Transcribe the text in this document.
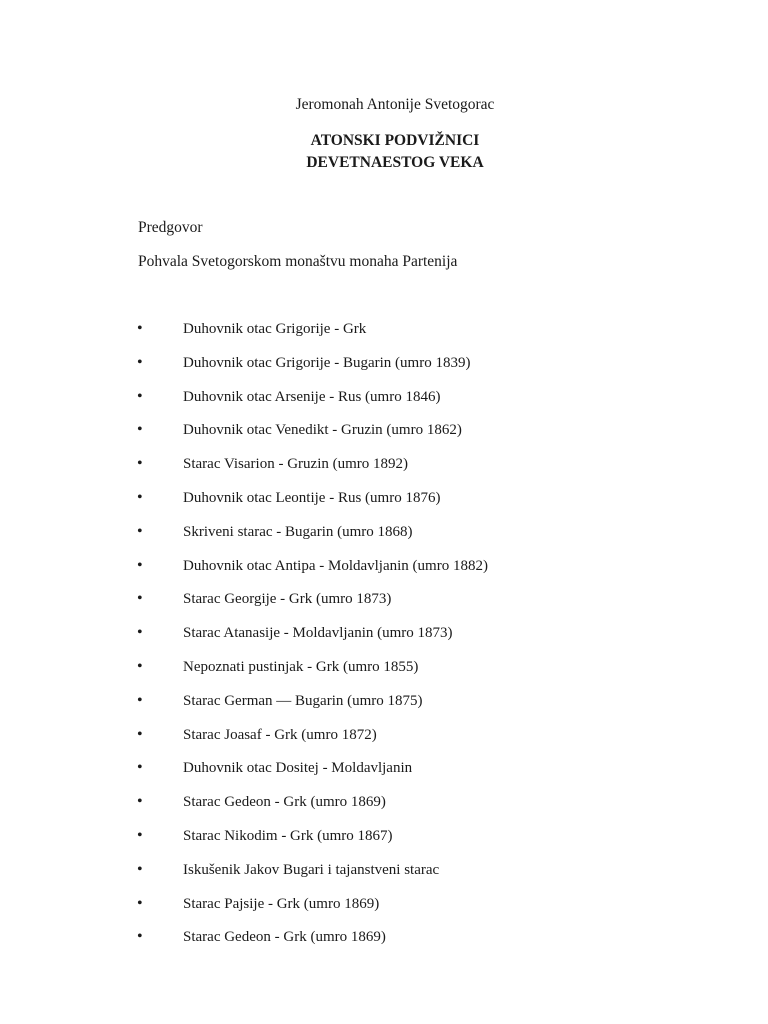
Jeromonah Antonije Svetogorac
ATONSKI PODVIŽNICI
DEVETNAESTOG VEKA
Predgovor
Pohvala Svetogorskom monaštvu monaha Partenija
•	Duhovnik otac Grigorije - Grk
•	Duhovnik otac Grigorije - Bugarin (umro 1839)
•	Duhovnik otac Arsenije - Rus (umro 1846)
•	Duhovnik otac Venedikt - Gruzin (umro 1862)
•	Starac Visarion - Gruzin (umro 1892)
•	Duhovnik otac Leontije - Rus (umro 1876)
•	Skriveni starac - Bugarin (umro 1868)
•	Duhovnik otac Antipa - Moldavljanin (umro 1882)
•	Starac Georgije - Grk (umro 1873)
•	Starac Atanasije - Moldavljanin (umro 1873)
•	Nepoznati pustinjak - Grk (umro 1855)
•	Starac German — Bugarin (umro 1875)
•	Starac Joasaf - Grk (umro 1872)
•	Duhovnik otac Dositej - Moldavljanin
•	Starac Gedeon - Grk (umro 1869)
•	Starac Nikodim - Grk (umro 1867)
•	Iskušenik Jakov Bugari i tajanstveni starac
•	Starac Pajsije - Grk (umro 1869)
•	Starac Gedeon - Grk (umro 1869)
